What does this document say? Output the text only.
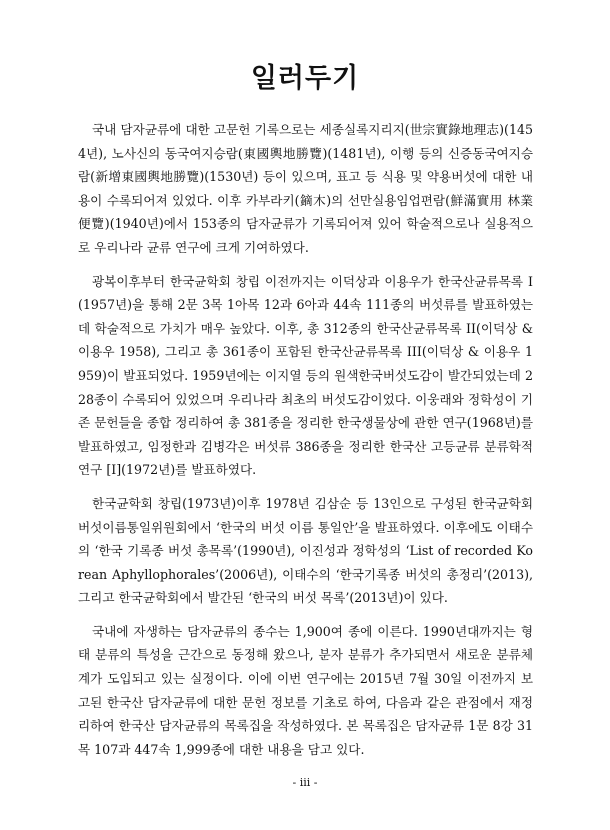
일러두기

국내 담자균류에 대한 고문헌 기록으로는 세종실록지리지(世宗實錄地理志)(1454년), 노사신의 동국여지승람(東國輿地勝覽)(1481년), 이행 등의 신증동국여지승람(新增東國輿地勝覽)(1530년) 등이 있으며, 표고 등 식용 및 약용버섯에 대한 내용이 수록되어져 있었다. 이후 카부라키(鏑木)의 선만실용임업편람(鮮滿實用 林業便覽)(1940년)에서 153종의 담자균류가 기록되어져 있어 학술적으로나 실용적으로 우리나라 균류 연구에 크게 기여하였다.

광복이후부터 한국균학회 창립 이전까지는 이덕상과 이용우가 한국산균류목록 I(1957년)을 통해 2문 3목 1아목 12과 6아과 44속 111종의 버섯류를 발표하였는데 학술적으로 가치가 매우 높았다. 이후, 총 312종의 한국산균류목록 II(이덕상 & 이용우 1958), 그리고 총 361종이 포함된 한국산균류목록 III(이덕상 & 이용우 1959)이 발표되었다. 1959년에는 이지열 등의 원색한국버섯도감이 발간되었는데 228종이 수록되어 있었으며 우리나라 최초의 버섯도감이었다. 이웅래와 정학성이 기존 문헌들을 종합 정리하여 총 381종을 정리한 한국생물상에 관한 연구(1968년)를 발표하였고, 임정한과 김병각은 버섯류 386종을 정리한 한국산 고등균류 분류학적 연구 [I](1972년)를 발표하였다.

한국균학회 창립(1973년)이후 1978년 김삼순 등 13인으로 구성된 한국균학회 버섯이름통일위원회에서 ‘한국의 버섯 이름 통일안’을 발표하였다. 이후에도 이태수의 ‘한국 기록종 버섯 총목록’(1990년), 이진성과 정학성의 ‘List of recorded Korean Aphyllophorales’(2006년), 이태수의 ‘한국기록종 버섯의 총정리’(2013), 그리고 한국균학회에서 발간된 ‘한국의 버섯 목록’(2013년)이 있다.

국내에 자생하는 담자균류의 종수는 1,900여 종에 이른다. 1990년대까지는 형태 분류의 특성을 근간으로 동정해 왔으나, 분자 분류가 추가되면서 새로운 분류체계가 도입되고 있는 실정이다. 이에 이번 연구에는 2015년 7월 30일 이전까지 보고된 한국산 담자균류에 대한 문헌 정보를 기초로 하여, 다음과 같은 관점에서 재정리하여 한국산 담자균류의 목록집을 작성하였다. 본 목록집은 담자균류 1문 8강 31목 107과 447속 1,999종에 대한 내용을 담고 있다.

- iii -
